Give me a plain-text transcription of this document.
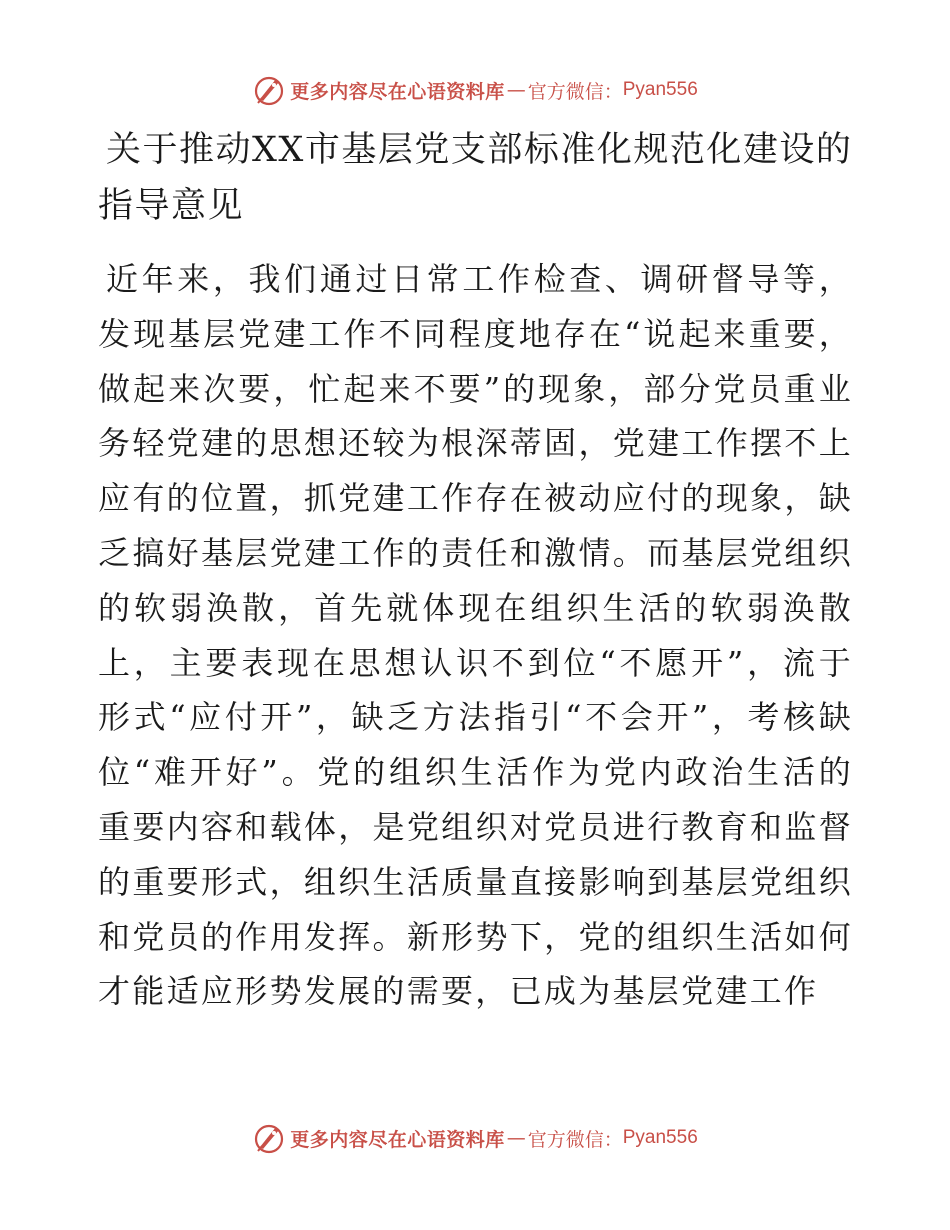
更多内容尽在心语资料库 — 官方微信： Pyan556
关于推动XX市基层党支部标准化规范化建设的指导意见

近年来，我们通过日常工作检查、调研督导等，发现基层党建工作不同程度地存在“说起来重要，做起来次要，忙起来不要”的现象，部分党员重业务轻党建的思想还较为根深蒂固，党建工作摆不上应有的位置，抓党建工作存在被动应付的现象，缺乏搞好基层党建工作的责任和激情。而基层党组织的软弱涣散，首先就体现在组织生活的软弱涣散上，主要表现在思想认识不到位“不愿开”，流于形式“应付开”，缺乏方法指引“不会开”，考核缺位“难开好”。党的组织生活作为党内政治生活的重要内容和载体，是党组织对党员进行教育和监督的重要形式，组织生活质量直接影响到基层党组织和党员的作用发挥。新形势下，党的组织生活如何才能适应形势发展的需要，已成为基层党建工作

更多内容尽在心语资料库 — 官方微信： Pyan556
